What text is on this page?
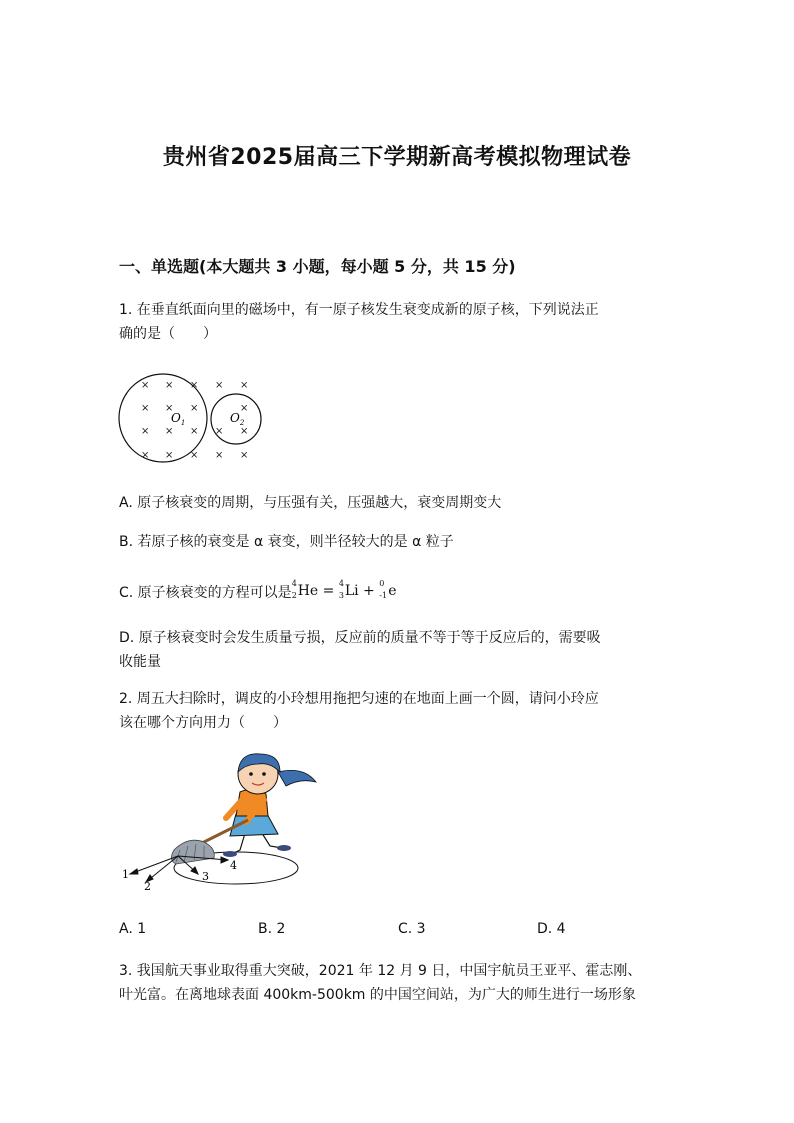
贵州省2025届高三下学期新高考模拟物理试卷
一、单选题(本大题共 3 小题，每小题 5 分，共 15 分)
1. 在垂直纸面向里的磁场中，有一原子核发生衰变成新的原子核，下列说法正
确的是（　　）
× × × × ×
× × ×	×
× × × × ×
× × × × ×
$O_1$	$O_2$
A. 原子核衰变的周期，与压强有关，压强越大，衰变周期变大
B. 若原子核的衰变是 α 衰变，则半径较大的是 α 粒子
C. 原子核衰变的方程可以是
4
2 He = 4
3 Li + 0
-1 e
D. 原子核衰变时会发生质量亏损，反应前的质量不等于等于反应后的，需要吸
收能量
2. 周五大扫除时，调皮的小玲想用拖把匀速的在地面上画一个圆，请问小玲应
该在哪个方向用力（　　）
1
2
3
4
A. 1	B. 2	C. 3	D. 4
3. 我国航天事业取得重大突破，2021 年 12 月 9 日，中国宇航员王亚平、霍志刚、
叶光富。在离地球表面 400km-500km 的中国空间站，为广大的师生进行一场形象
